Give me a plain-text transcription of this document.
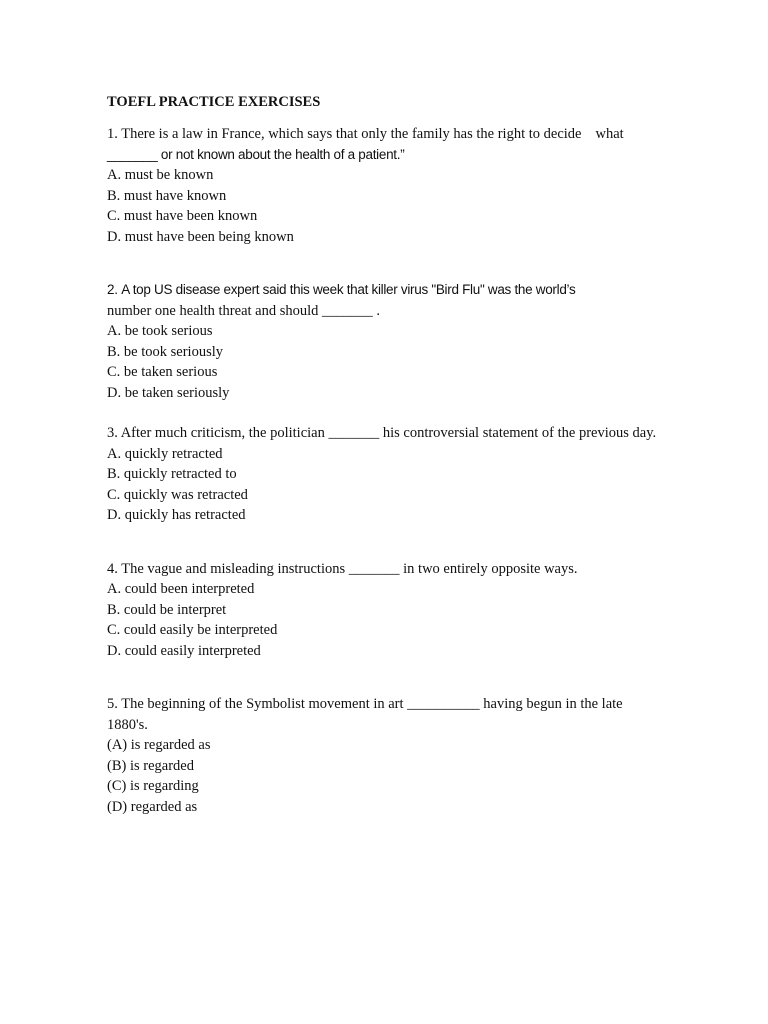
TOEFL PRACTICE EXERCISES

1. There is a law in France, which says that only the family has the right to decide what
_______ or not known about the health of a patient.”

A. must be known

B. must have known

C. must have been known

D. must have been being known

2. A top US disease expert said this week that killer virus "Bird Flu" was the world’s
number one health threat and should _______ .

A. be took serious

B. be took seriously

C. be taken serious

D. be taken seriously

3. After much criticism, the politician _______ his controversial statement of the previous day.

A. quickly retracted

B. quickly retracted to

C. quickly was retracted

D. quickly has retracted

4. The vague and misleading instructions _______ in two entirely opposite ways.

A. could been interpreted

B. could be interpret

C. could easily be interpreted

D. could easily interpreted

5. The beginning of the Symbolist movement in art __________ having begun in the late 1880's.

(A) is regarded as

(B) is regarded

(C) is regarding

(D) regarded as
